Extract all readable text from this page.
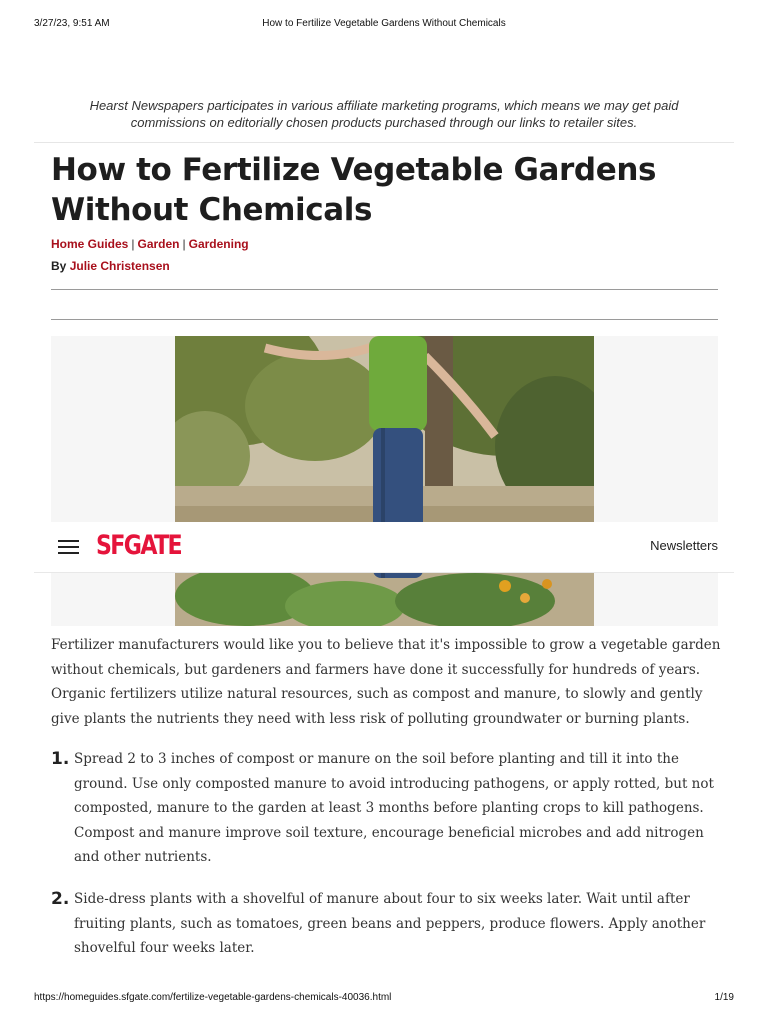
3/27/23, 9:51 AM	How to Fertilize Vegetable Gardens Without Chemicals
Hearst Newspapers participates in various affiliate marketing programs, which means we may get paid commissions on editorially chosen products purchased through our links to retailer sites.
How to Fertilize Vegetable Gardens Without Chemicals
Home Guides | Garden | Gardening
By Julie Christensen
SFGATE	Newsletters
Fertilizer manufacturers would like you to believe that it's impossible to grow a vegetable garden without chemicals, but gardeners and farmers have done it successfully for hundreds of years. Organic fertilizers utilize natural resources, such as compost and manure, to slowly and gently give plants the nutrients they need with less risk of polluting groundwater or burning plants.
1. Spread 2 to 3 inches of compost or manure on the soil before planting and till it into the ground. Use only composted manure to avoid introducing pathogens, or apply rotted, but not composted, manure to the garden at least 3 months before planting crops to kill pathogens. Compost and manure improve soil texture, encourage beneficial microbes and add nitrogen and other nutrients.
2. Side-dress plants with a shovelful of manure about four to six weeks later. Wait until after fruiting plants, such as tomatoes, green beans and peppers, produce flowers. Apply another shovelful four weeks later.
https://homeguides.sfgate.com/fertilize-vegetable-gardens-chemicals-40036.html	1/19
